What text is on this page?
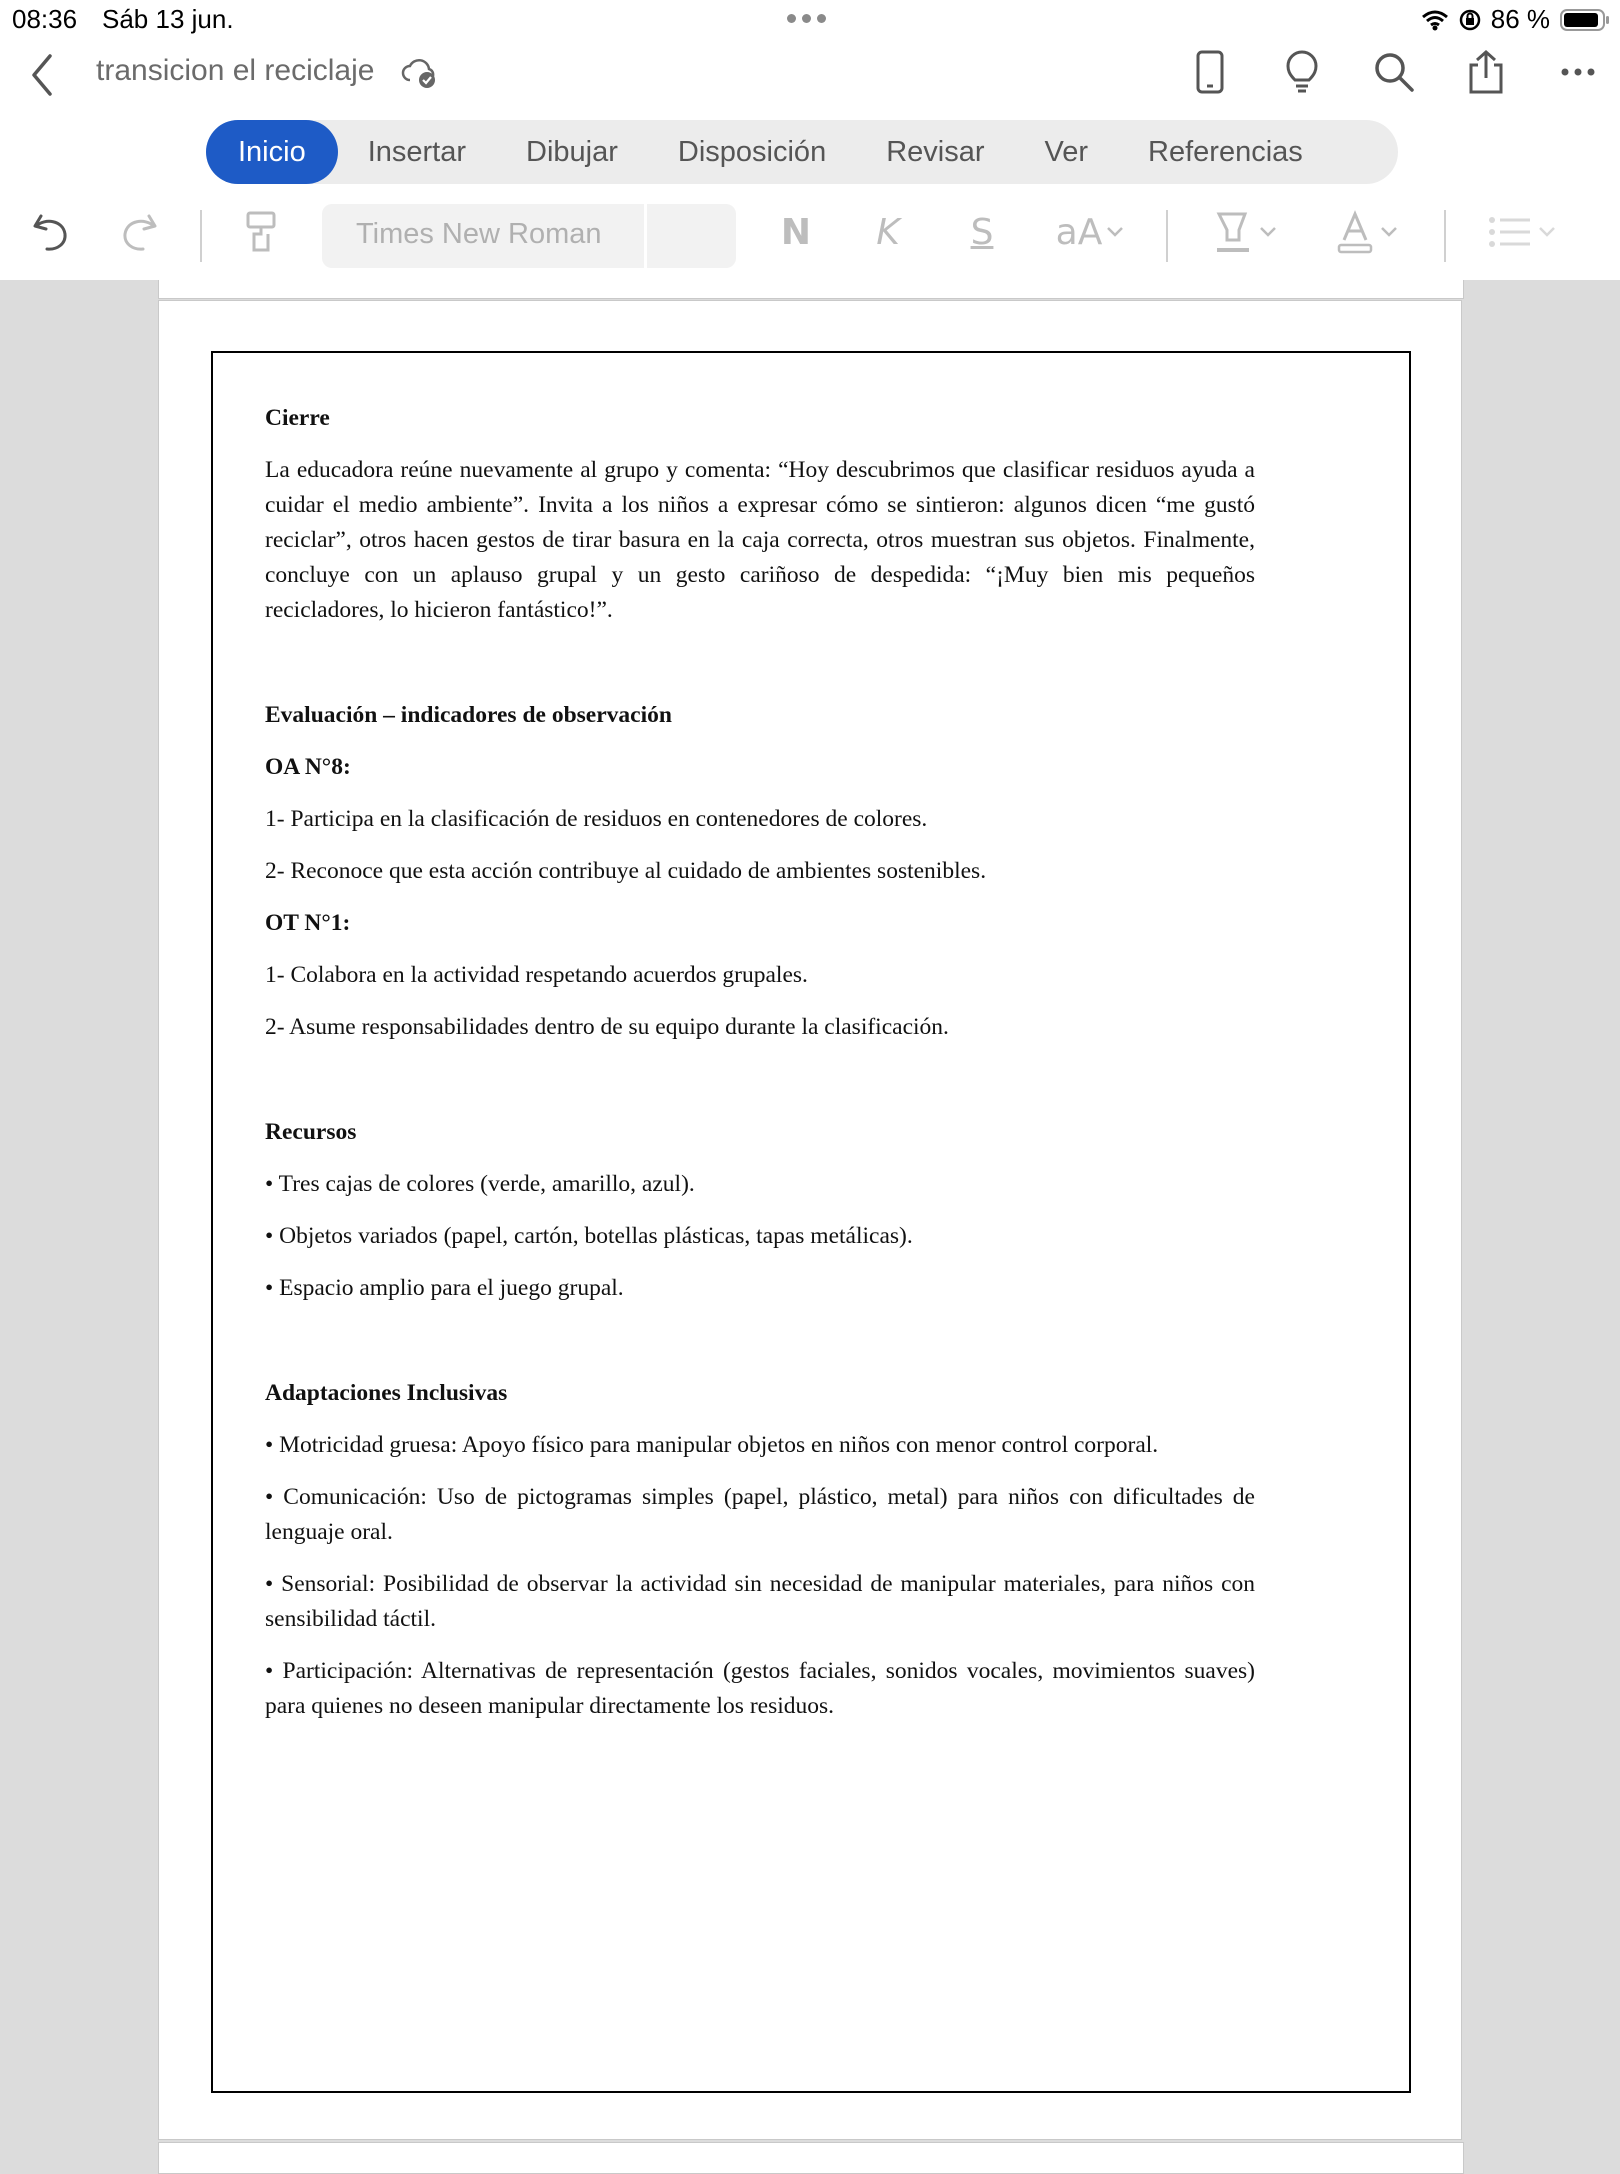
08:36 Sáb 13 jun.	86 %
transicion el reciclaje
Inicio	Insertar	Dibujar	Disposición	Revisar	Ver	Referencias
Times New Roman	N K S aA
Cierre

La educadora reúne nuevamente al grupo y comenta: “Hoy descubrimos que clasificar residuos ayuda a cuidar el medio ambiente”. Invita a los niños a expresar cómo se sintieron: algunos dicen “me gustó reciclar”, otros hacen gestos de tirar basura en la caja correcta, otros muestran sus objetos. Finalmente, concluye con un aplauso grupal y un gesto cariñoso de despedida: “¡Muy bien mis pequeños recicladores, lo hicieron fantástico!”.

Evaluación – indicadores de observación
OA N°8:

1- Participa en la clasificación de residuos en contenedores de colores.

2- Reconoce que esta acción contribuye al cuidado de ambientes sostenibles.

OT N°1:

1- Colabora en la actividad respetando acuerdos grupales.

2- Asume responsabilidades dentro de su equipo durante la clasificación.

Recursos

• Tres cajas de colores (verde, amarillo, azul).

• Objetos variados (papel, cartón, botellas plásticas, tapas metálicas).

• Espacio amplio para el juego grupal.

Adaptaciones Inclusivas

• Motricidad gruesa: Apoyo físico para manipular objetos en niños con menor control corporal.

• Comunicación: Uso de pictogramas simples (papel, plástico, metal) para niños con dificultades de lenguaje oral.

• Sensorial: Posibilidad de observar la actividad sin necesidad de manipular materiales, para niños con sensibilidad táctil.

• Participación: Alternativas de representación (gestos faciales, sonidos vocales, movimientos suaves) para quienes no deseen manipular directamente los residuos.
